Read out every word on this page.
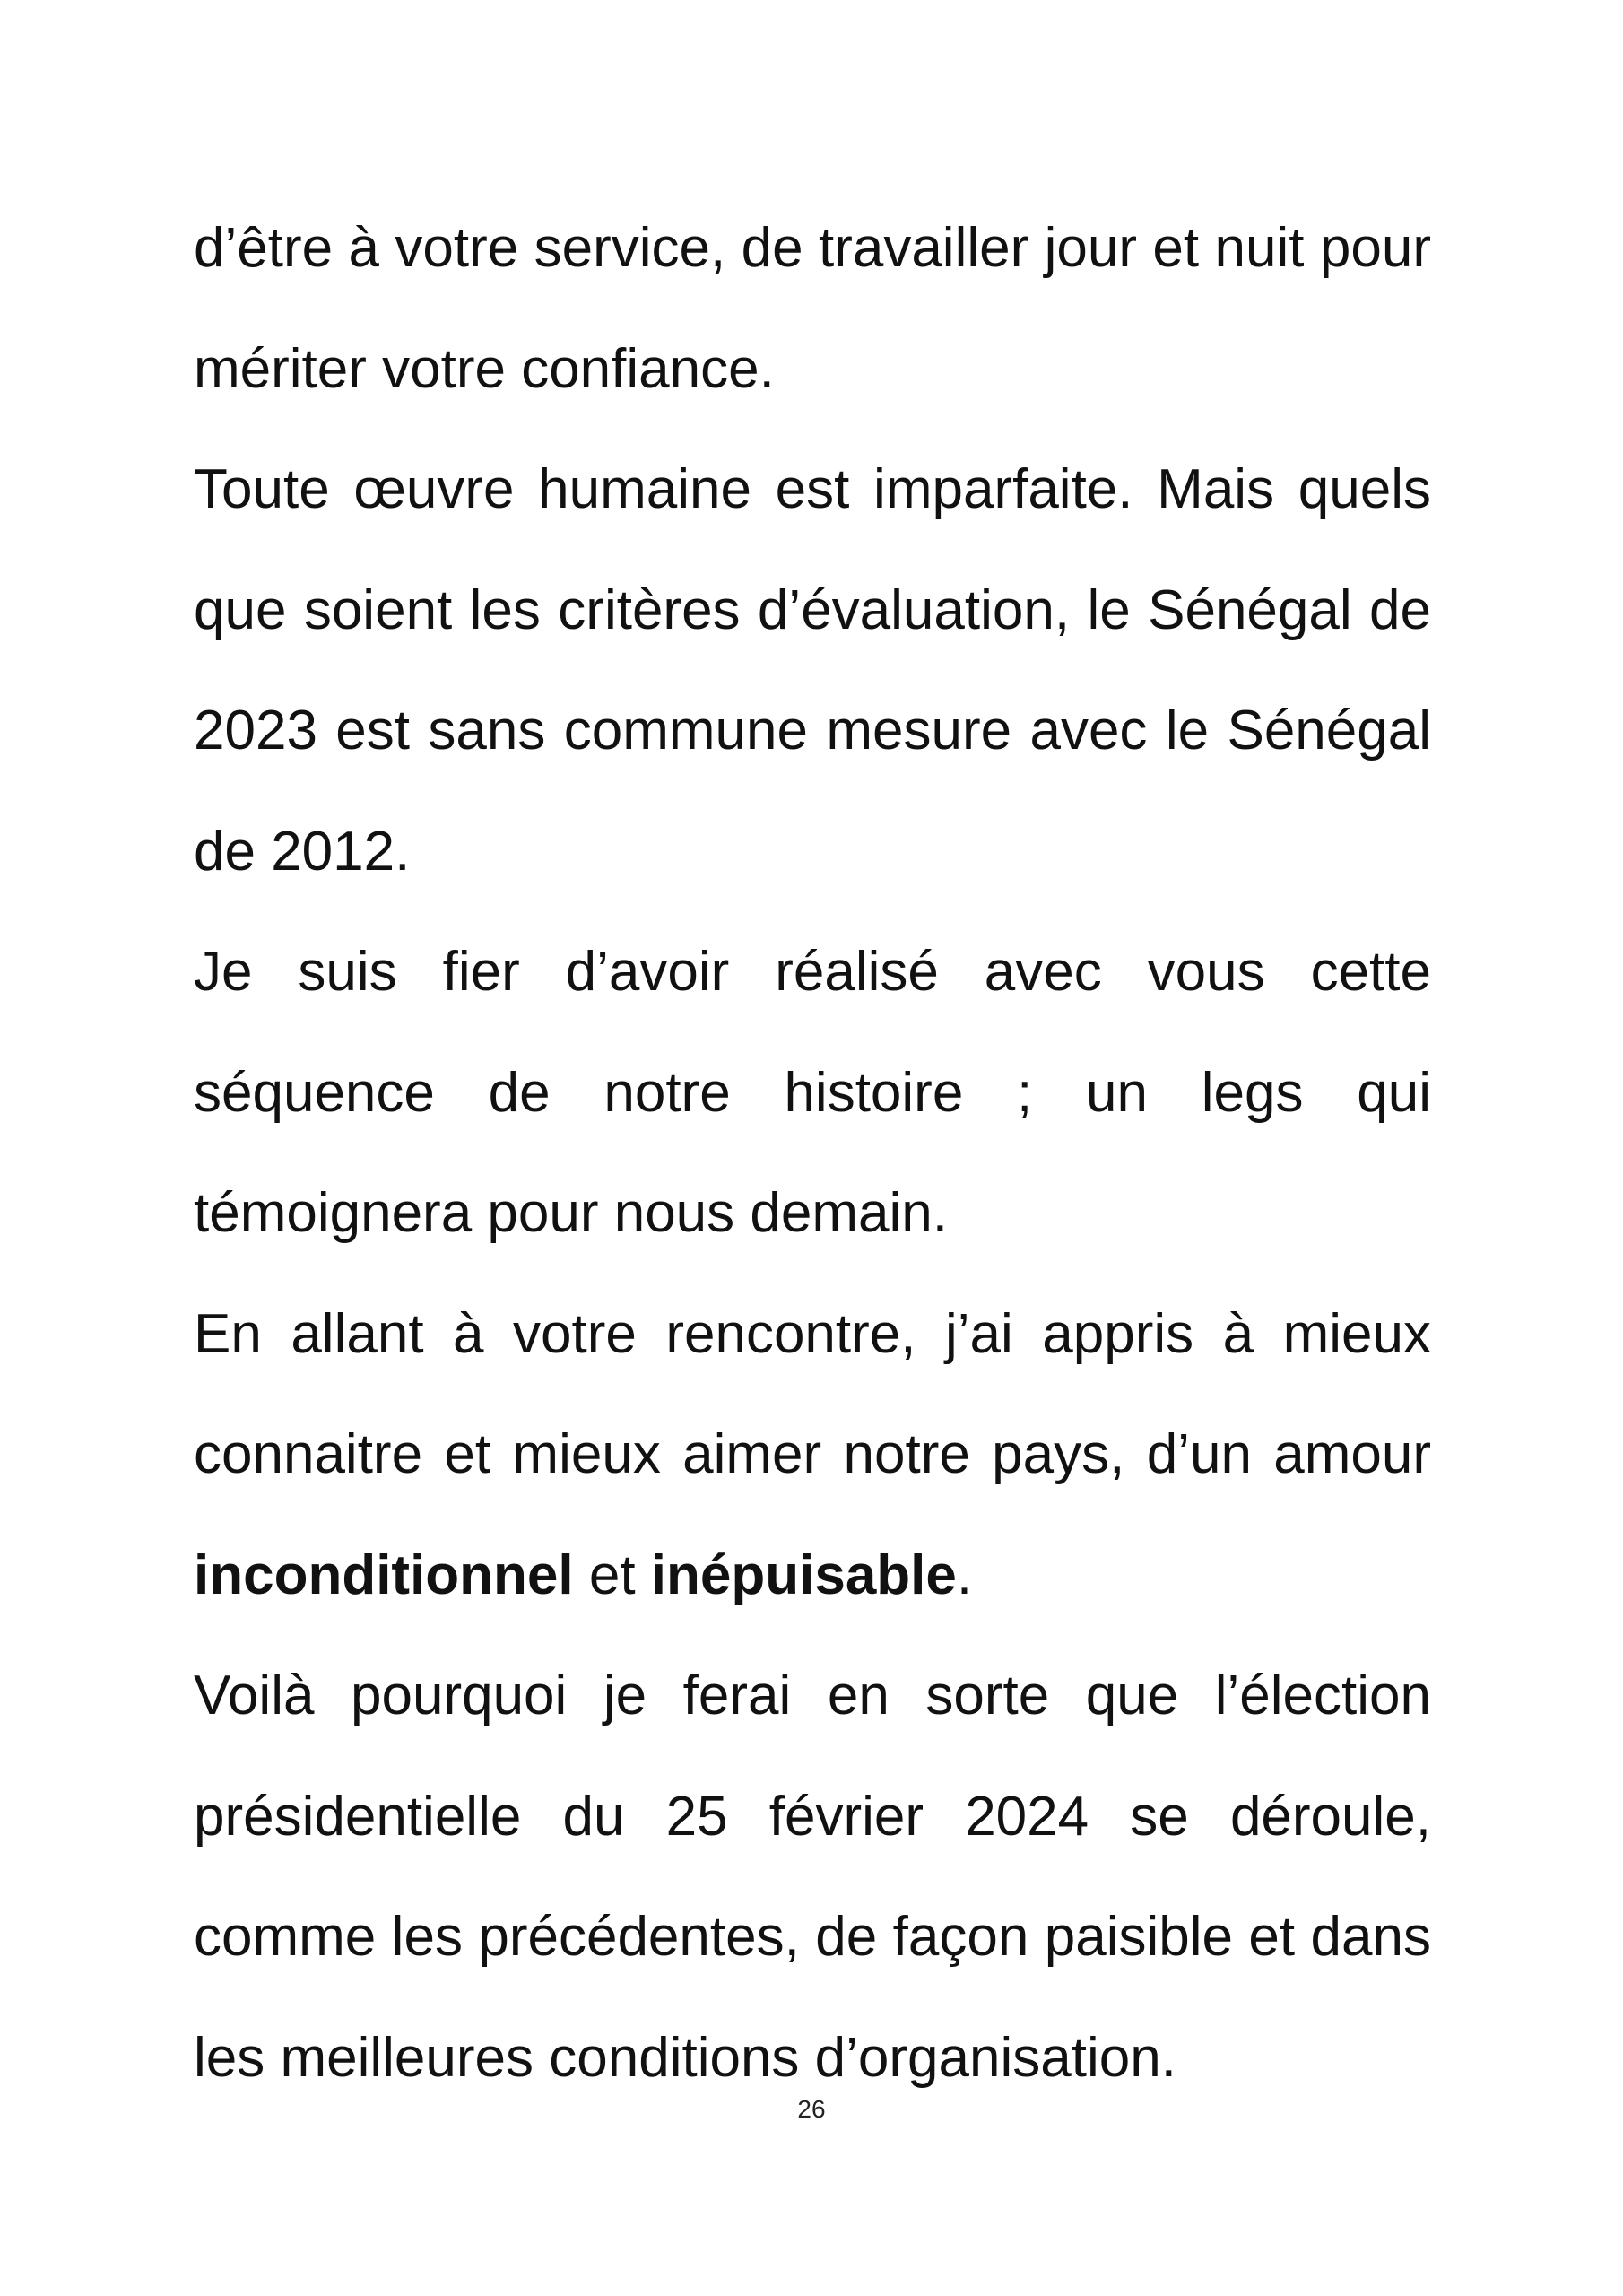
d’être à votre service, de travailler jour et nuit pour mériter votre confiance.

Toute œuvre humaine est imparfaite. Mais quels que soient les critères d’évaluation, le Sénégal de 2023 est sans commune mesure avec le Sénégal de 2012.

Je suis fier d’avoir réalisé avec vous cette séquence de notre histoire ; un legs qui témoignera pour nous demain.

En allant à votre rencontre, j’ai appris à mieux connaitre et mieux aimer notre pays, d’un amour inconditionnel et inépuisable.

Voilà pourquoi je ferai en sorte que l’élection présidentielle du 25 février 2024 se déroule, comme les précédentes, de façon paisible et dans les meilleures conditions d’organisation.

26
